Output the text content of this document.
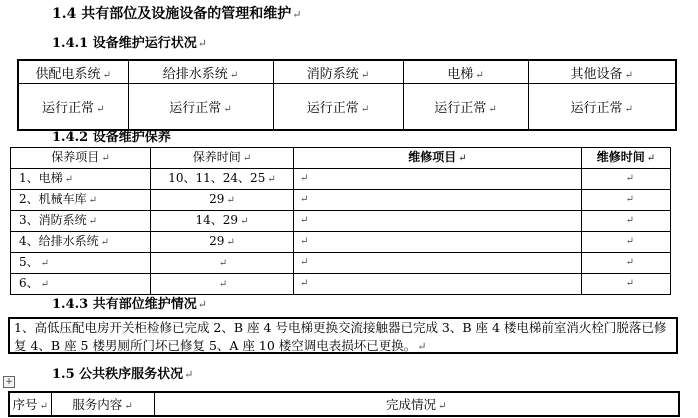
1.4 共有部位及设施设备的管理和维护↵
1.4.1 设备维护运行状况↵
供配电系统 ↵	给排水系统 ↵	消防系统 ↵	电梯 ↵	其他设备 ↵
运行正常 ↵	运行正常 ↵	运行正常 ↵	运行正常 ↵	运行正常 ↵
保养项目 ↵	保养时间 ↵	维修项目 ↵	维修时间 ↵
1、电梯 ↵	10、11、24、25 ↵	↵	↵
2、机械车库 ↵	29 ↵	↵	↵
3、消防系统 ↵	14、29 ↵	↵	↵
4、给排水系统 ↵	29 ↵	↵	↵
5、 ↵	↵	↵	↵
6、 ↵	↵	↵	↵
1.4.2 设备维护保养
1.4.3 共有部位维护情况↵
1、高低压配电房开关柜检修已完成 2、B 座 4 号电梯更换交流接触器已完成 3、B 座 4 楼电梯前室消火栓门脱落已修复 4、B 座 5 楼男厕所门坏已修复 5、A 座 10 楼空调电表损坏已更换。↵
+	1.5 公共秩序服务状况↵
序号 ↵	服务内容 ↵	完成情况 ↵
